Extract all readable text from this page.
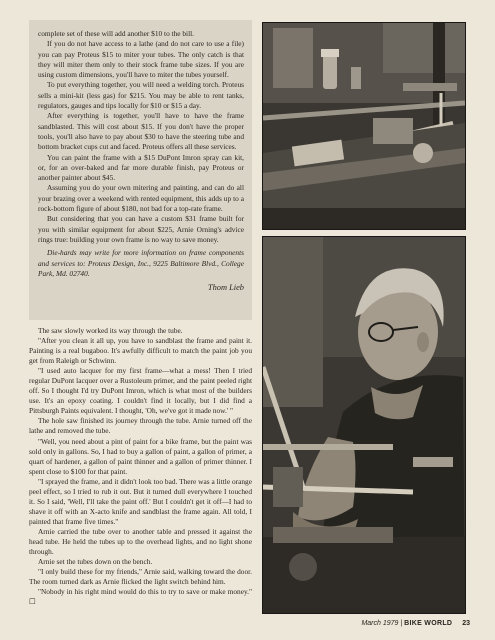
complete set of these will add another $10 to the bill.

If you do not have access to a lathe (and do not care to use a file) you can pay Proteus $15 to miter your tubes. The only catch is that they will miter them only to their stock frame tube sizes. If you are using custom dimensions, you'll have to miter the tubes yourself.

To put everything together, you will need a welding torch. Proteus sells a mini-kit (less gas) for $215. You may be able to rent tanks, regulators, gauges and tips locally for $10 or $15 a day.

After everything is together, you'll have to have the frame sandblasted. This will cost about $15. If you don't have the proper tools, you'll also have to pay about $30 to have the steering tube and bottom bracket cups cut and faced. Proteus offers all these services.

You can paint the frame with a $15 DuPont Imron spray can kit, or, for an over-baked and far more durable finish, pay Proteus or another painter about $45.

Assuming you do your own mitering and painting, and can do all your brazing over a weekend with rented equipment, this adds up to a rock-bottom figure of about $180, not bad for a top-rate frame.

But considering that you can have a custom $31 frame built for you with similar equipment for about $225, Arnie Orning's advice rings true: building your own frame is no way to save money.

Die-hards may write for more information on frame components and services to: Proteus Design, Inc., 9225 Baltimore Blvd., College Park, Md. 02740.

Thom Lieb

The saw slowly worked its way through the tube.

"After you clean it all up, you have to sandblast the frame and paint it. Painting is a real bugaboo. It's awfully difficult to match the paint job you get from Raleigh or Schwinn.

"I used auto lacquer for my first frame—what a mess! Then I tried regular DuPont lacquer over a Rustoleum primer, and the paint peeled right off. So I thought I'd try DuPont Imron, which is what most of the builders use. It's an epoxy coating. I couldn't find it locally, but I did find a Pittsburgh Paints equivalent. I thought, 'Oh, we've got it made now.' "

The hole saw finished its journey through the tube. Arnie turned off the lathe and removed the tube.

"Well, you need about a pint of paint for a bike frame, but the paint was sold only in gallons. So, I had to buy a gallon of paint, a gallon of primer, a quart of hardener, a gallon of paint thinner and a gallon of primer thinner. I spent close to $100 for that paint.

"I sprayed the frame, and it didn't look too bad. There was a little orange peel effect, so I tried to rub it out. But it turned dull everywhere I touched it. So I said, 'Well, I'll take the paint off.' But I couldn't get it off—I had to shave it off with an X-acto knife and sandblast the frame again. All told, I painted that frame five times."

Arnie carried the tube over to another table and pressed it against the head tube. He held the tubes up to the overhead lights, and no light shone through.

Arnie set the tubes down on the bench.

"I only build these for my friends," Arnie said, walking toward the door. The room turned dark as Arnie flicked the light switch behind him.

"Nobody in his right mind would do this to try to save or make money." ☐

March 1979 | BIKE WORLD 23
